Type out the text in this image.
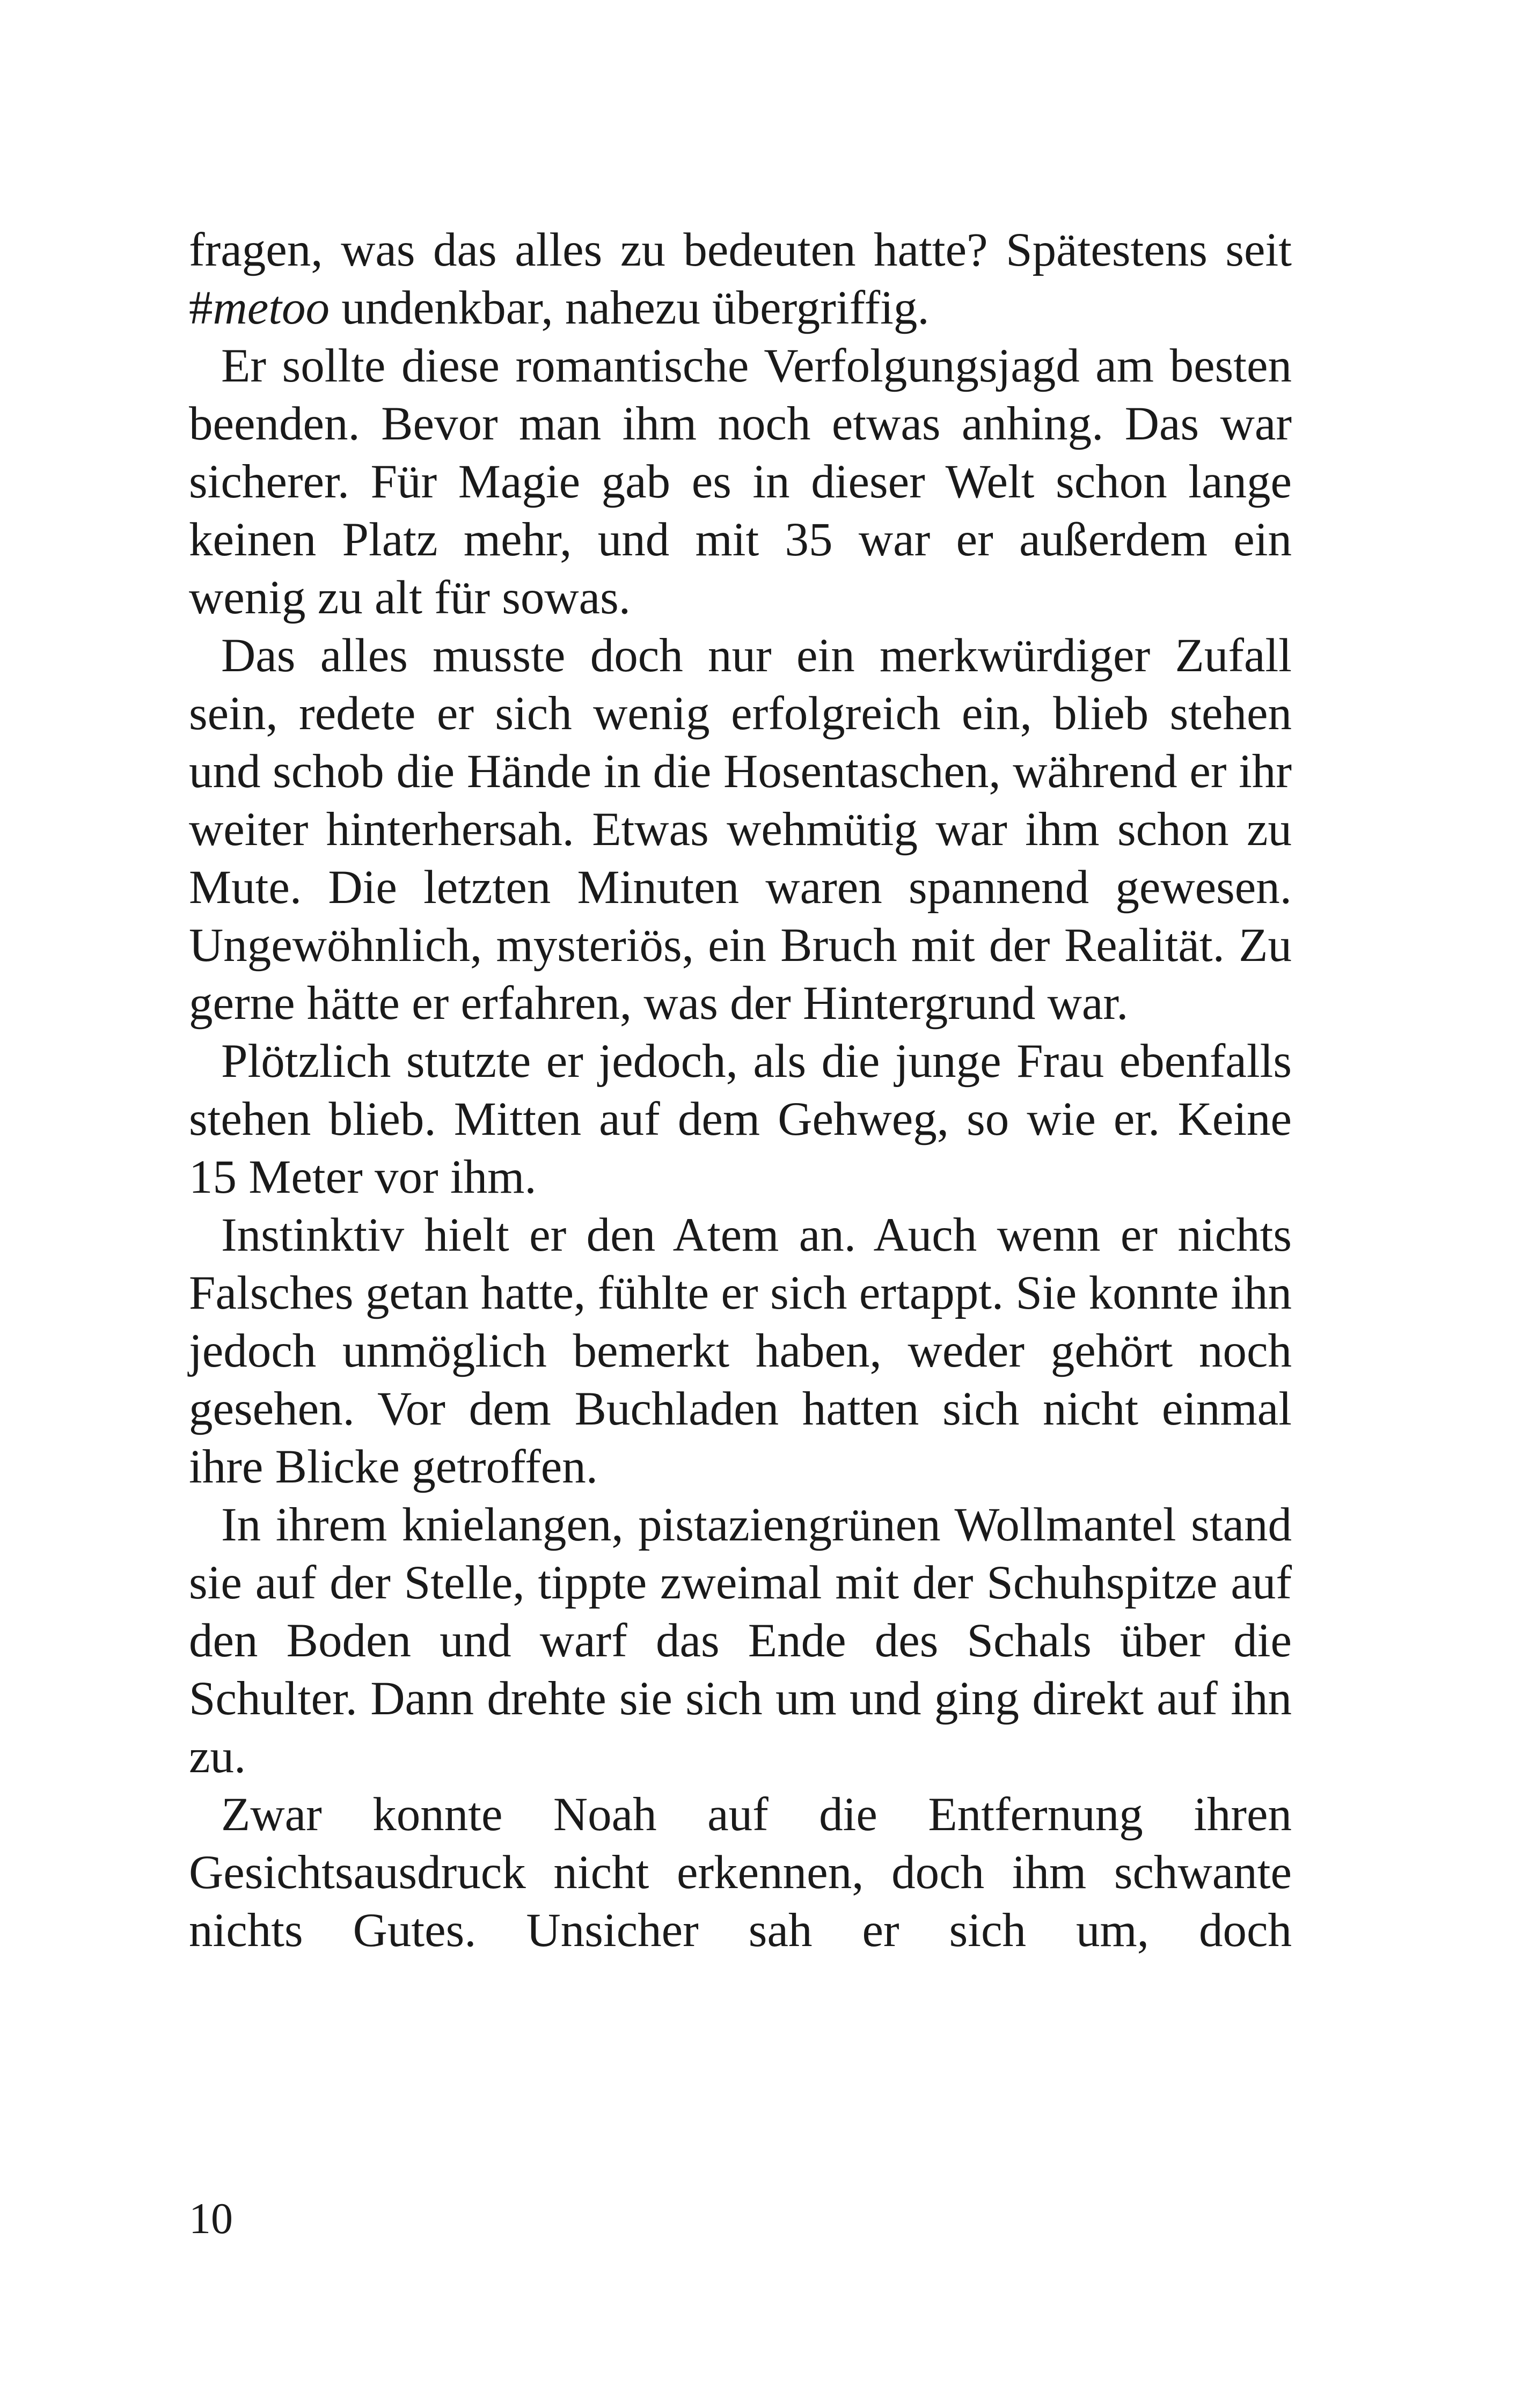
fragen, was das alles zu bedeuten hatte? Spätestens seit #metoo undenkbar, nahezu übergriffig.

Er sollte diese romantische Verfolgungsjagd am besten beenden. Bevor man ihm noch etwas anhing. Das war sicherer. Für Magie gab es in dieser Welt schon lange keinen Platz mehr, und mit 35 war er außerdem ein wenig zu alt für sowas.

Das alles musste doch nur ein merkwürdiger Zufall sein, redete er sich wenig erfolgreich ein, blieb stehen und schob die Hände in die Hosentaschen, während er ihr weiter hinterhersah. Etwas wehmütig war ihm schon zu Mute. Die letzten Minuten waren spannend gewesen. Ungewöhnlich, mysteriös, ein Bruch mit der Realität. Zu gerne hätte er erfahren, was der Hintergrund war.

Plötzlich stutzte er jedoch, als die junge Frau ebenfalls stehen blieb. Mitten auf dem Gehweg, so wie er. Keine 15 Meter vor ihm.

Instinktiv hielt er den Atem an. Auch wenn er nichts Falsches getan hatte, fühlte er sich ertappt. Sie konnte ihn jedoch unmöglich bemerkt haben, weder gehört noch gesehen. Vor dem Buchladen hatten sich nicht einmal ihre Blicke getroffen.

In ihrem knielangen, pistaziengrünen Wollmantel stand sie auf der Stelle, tippte zweimal mit der Schuhspitze auf den Boden und warf das Ende des Schals über die Schulter. Dann drehte sie sich um und ging direkt auf ihn zu.

Zwar konnte Noah auf die Entfernung ihren Gesichtsausdruck nicht erkennen, doch ihm schwante nichts Gutes. Unsicher sah er sich um, doch

10
